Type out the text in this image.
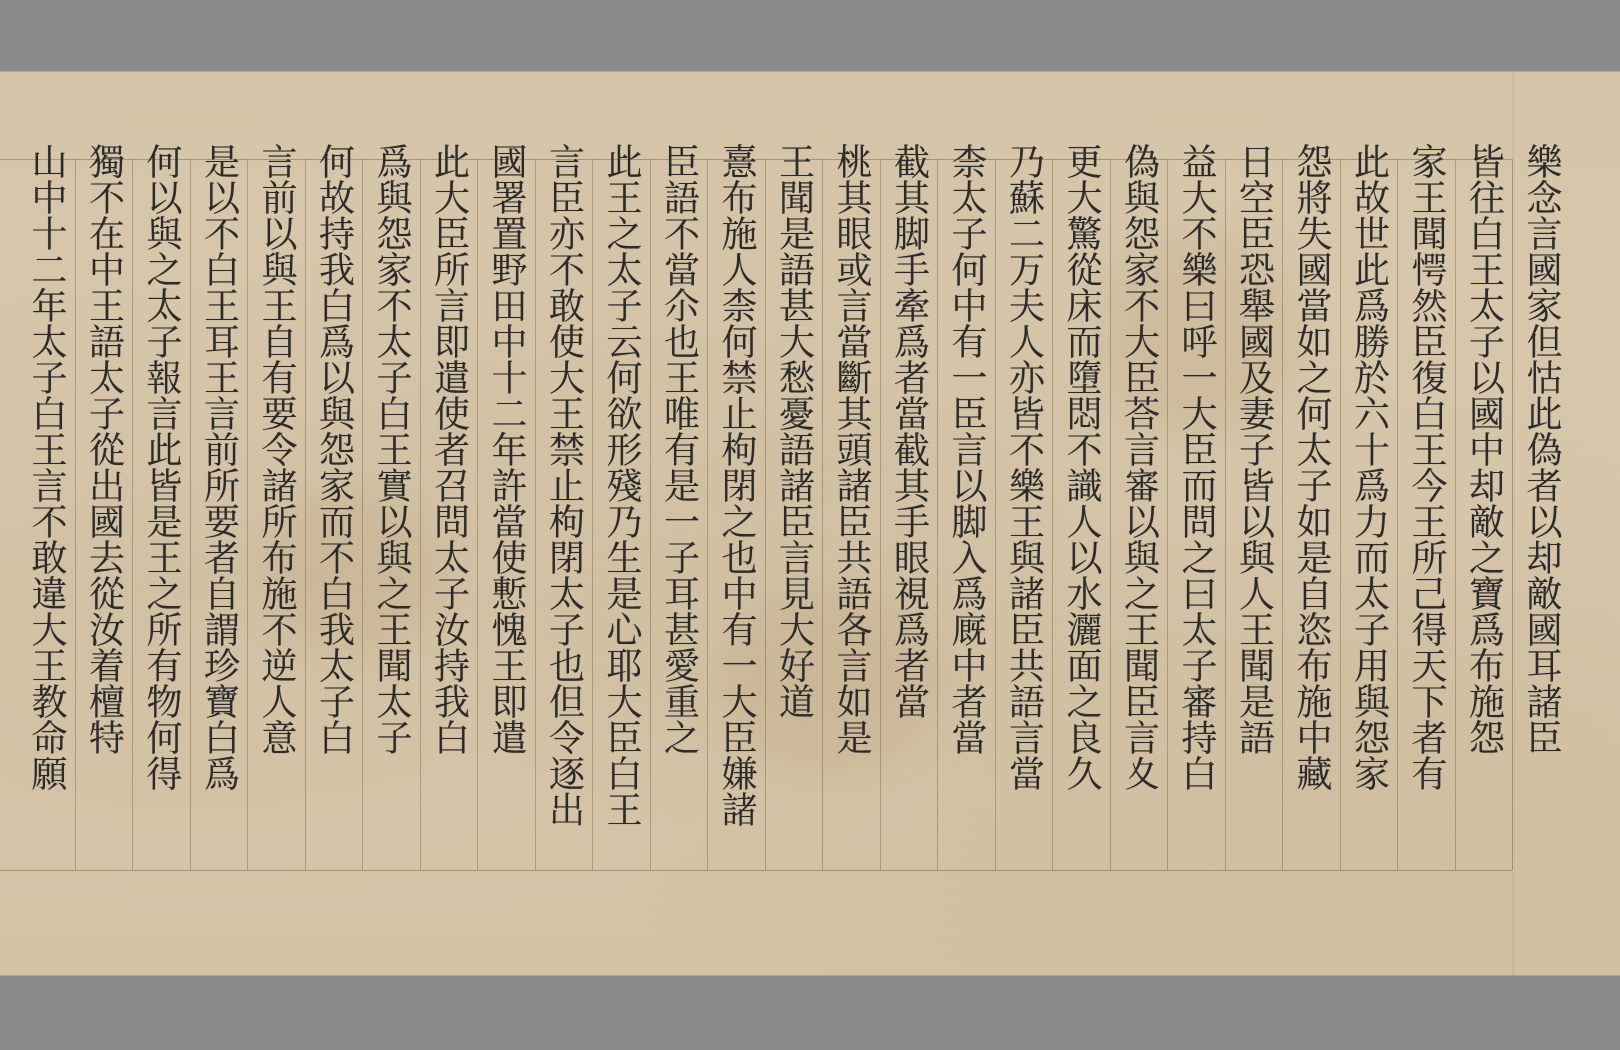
樂念言國家但怙此偽者以却敵國耳諸臣
皆往白王太子以國中却敵之寶爲布施怨
家王聞愕然臣復白王今王所己得天下者有
此故世此爲勝於六十爲力而太子用與怨家
怨將失國當如之何太子如是自恣布施中藏
日空臣恐舉國及妻子皆以與人王聞是語
益大不樂曰呼一大臣而問之曰太子審持白
偽與怨家不大臣荅言審以與之王聞臣言夊
更大驚從床而墮悶不識人以水灑面之良久
乃蘇二万夫人亦皆不樂王與諸臣共語言當
柰太子何中有一臣言以脚入爲廐中者當
截其脚手牽爲者當截其手眼視爲者當
桃其眼或言當斷其頭諸臣共語各言如是
王聞是語甚大愁憂語諸臣言見大好道
憙布施人柰何禁止枸閉之也中有一大臣嫌諸
臣語不當尒也王唯有是一子耳甚愛重之
此王之太子云何欲形殘乃生是心耶大臣白王
言臣亦不敢使大王禁止枸閉太子也但令逐出
國署置野田中十二年許當使慙愧王即遣
此大臣所言即遣使者召問太子汝持我白
爲與怨家不太子白王實以與之王聞太子
何故持我白爲以與怨家而不白我太子白
言前以與王自有要令諸所布施不逆人意
是以不白王耳王言前所要者自謂珍寶白爲
何以與之太子報言此皆是王之所有物何得
獨不在中王語太子從出國去從汝着檀特
山中十二年太子白王言不敢違大王教命願
